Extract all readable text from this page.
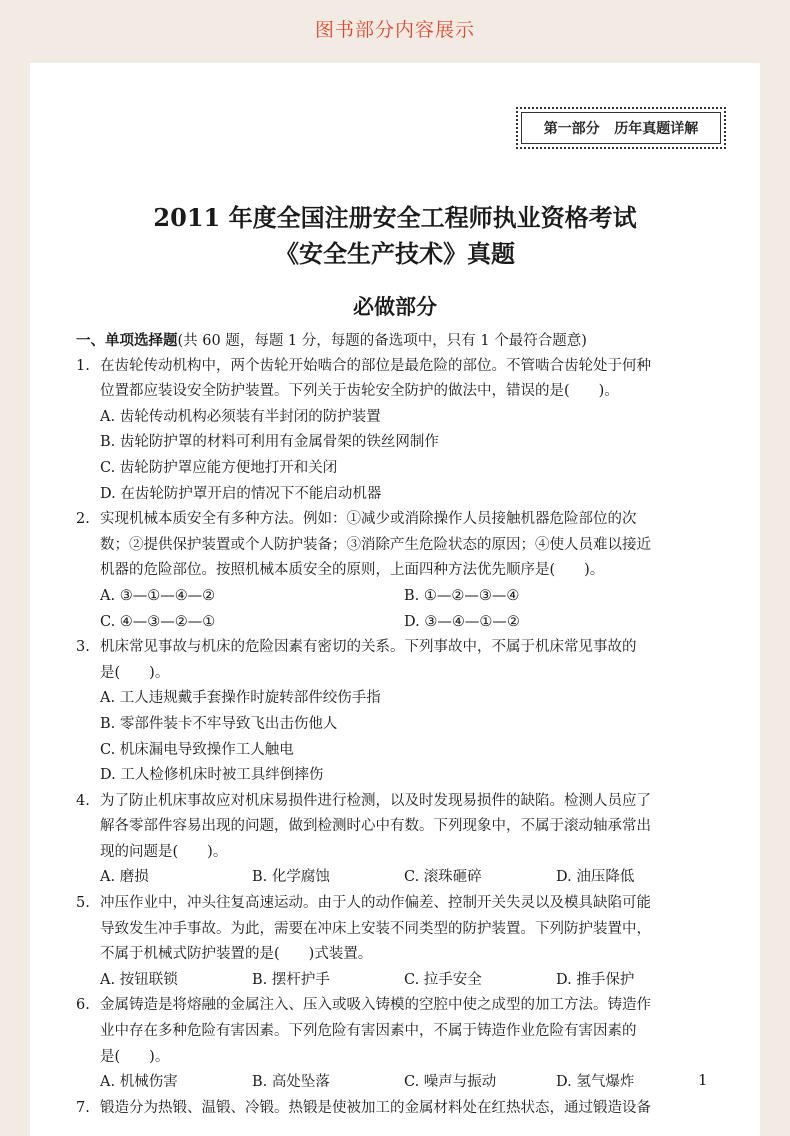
图书部分内容展示
第一部分   历年真题详解
2011 年度全国注册安全工程师执业资格考试
《安全生产技术》真题
必做部分
一、单项选择题(共 60 题，每题 1 分，每题的备选项中，只有 1 个最符合题意)
1. 在齿轮传动机构中，两个齿轮开始啮合的部位是最危险的部位。不管啮合齿轮处于何种
位置都应装设安全防护装置。下列关于齿轮安全防护的做法中，错误的是(　　)。
A. 齿轮传动机构必须装有半封闭的防护装置
B. 齿轮防护罩的材料可利用有金属骨架的铁丝网制作
C. 齿轮防护罩应能方便地打开和关闭
D. 在齿轮防护罩开启的情况下不能启动机器
2. 实现机械本质安全有多种方法。例如：①减少或消除操作人员接触机器危险部位的次
数；②提供保护装置或个人防护装备；③消除产生危险状态的原因；④使人员难以接近
机器的危险部位。按照机械本质安全的原则，上面四种方法优先顺序是(　　)。
A. ③—①—④—②	B. ①—②—③—④
C. ④—③—②—①	D. ③—④—①—②
3. 机床常见事故与机床的危险因素有密切的关系。下列事故中，不属于机床常见事故的
是(　　)。
A. 工人违规戴手套操作时旋转部件绞伤手指
B. 零部件装卡不牢导致飞出击伤他人
C. 机床漏电导致操作工人触电
D. 工人检修机床时被工具绊倒摔伤
4. 为了防止机床事故应对机床易损件进行检测，以及时发现易损件的缺陷。检测人员应了
解各零部件容易出现的问题，做到检测时心中有数。下列现象中，不属于滚动轴承常出
现的问题是(　　)。
A. 磨损	B. 化学腐蚀	C. 滚珠砸碎	D. 油压降低
5. 冲压作业中，冲头往复高速运动。由于人的动作偏差、控制开关失灵以及模具缺陷可能
导致发生冲手事故。为此，需要在冲床上安装不同类型的防护装置。下列防护装置中，
不属于机械式防护装置的是(　　)式装置。
A. 按钮联锁	B. 摆杆护手	C. 拉手安全	D. 推手保护
6. 金属铸造是将熔融的金属注入、压入或吸入铸模的空腔中使之成型的加工方法。铸造作
业中存在多种危险有害因素。下列危险有害因素中，不属于铸造作业危险有害因素的
是(　　)。
A. 机械伤害	B. 高处坠落	C. 噪声与振动	D. 氢气爆炸
7. 锻造分为热锻、温锻、冷锻。热锻是使被加工的金属材料处在红热状态，通过锻造设备
1
